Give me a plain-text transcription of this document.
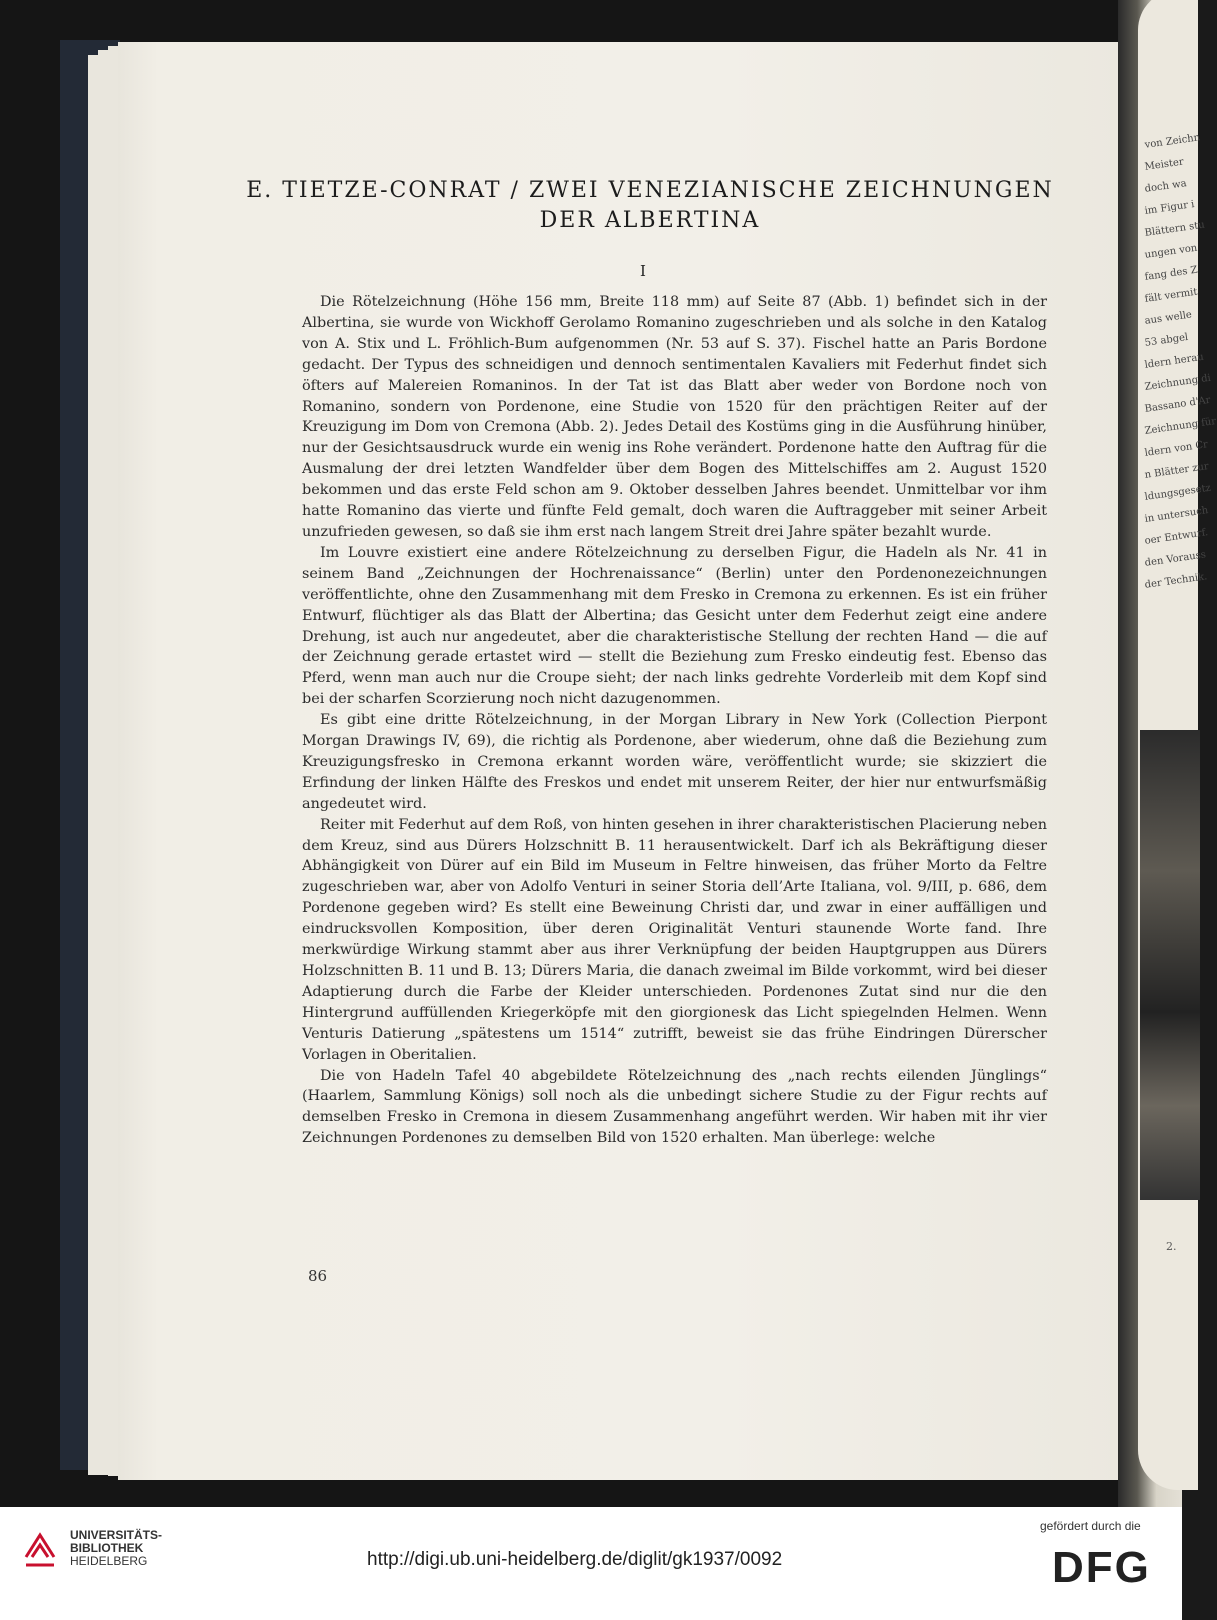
von Zeichn
Meister
doch wa
im Figur i
Blättern stu
ungen von
fang des Z
fält vermit
aus welle
53 abgel
ldern herau
Zeichnung di
Bassano d'Ar
Zeichnung für
ldern von Cr
n Blätter zur
ldungsgesetz
in untersuch
oer Entwurf.
den Vorauss
der Technik.
2.
E. TIETZE-CONRAT / ZWEI VENEZIANISCHE ZEICHNUNGEN
DER ALBERTINA
I

Die Rötelzeichnung (Höhe 156 mm, Breite 118 mm) auf Seite 87 (Abb. 1) befindet sich in der Albertina, sie wurde von Wickhoff Gerolamo Romanino zugeschrieben und als solche in den Katalog von A. Stix und L. Fröhlich-Bum aufgenommen (Nr. 53 auf S. 37). Fischel hatte an Paris Bordone gedacht. Der Typus des schneidigen und dennoch sentimentalen Kavaliers mit Federhut findet sich öfters auf Malereien Romaninos. In der Tat ist das Blatt aber weder von Bordone noch von Romanino, sondern von Pordenone, eine Studie von 1520 für den prächtigen Reiter auf der Kreuzigung im Dom von Cremona (Abb. 2). Jedes Detail des Kostüms ging in die Ausführung hinüber, nur der Gesichtsausdruck wurde ein wenig ins Rohe verändert. Pordenone hatte den Auftrag für die Ausmalung der drei letzten Wandfelder über dem Bogen des Mittelschiffes am 2. August 1520 bekommen und das erste Feld schon am 9. Oktober desselben Jahres beendet. Unmittelbar vor ihm hatte Romanino das vierte und fünfte Feld gemalt, doch waren die Auftraggeber mit seiner Arbeit unzufrieden gewesen, so daß sie ihm erst nach langem Streit drei Jahre später bezahlt wurde.

Im Louvre existiert eine andere Rötelzeichnung zu derselben Figur, die Hadeln als Nr. 41 in seinem Band „Zeichnungen der Hochrenaissance“ (Berlin) unter den Pordenonezeichnungen veröffentlichte, ohne den Zusammenhang mit dem Fresko in Cremona zu erkennen. Es ist ein früher Entwurf, flüchtiger als das Blatt der Albertina; das Gesicht unter dem Federhut zeigt eine andere Drehung, ist auch nur angedeutet, aber die charakteristische Stellung der rechten Hand — die auf der Zeichnung gerade ertastet wird — stellt die Beziehung zum Fresko eindeutig fest. Ebenso das Pferd, wenn man auch nur die Croupe sieht; der nach links gedrehte Vorderleib mit dem Kopf sind bei der scharfen Scorzierung noch nicht dazugenommen.

Es gibt eine dritte Rötelzeichnung, in der Morgan Library in New York (Collection Pierpont Morgan Drawings IV, 69), die richtig als Pordenone, aber wiederum, ohne daß die Beziehung zum Kreuzigungsfresko in Cremona erkannt worden wäre, veröffentlicht wurde; sie skizziert die Erfindung der linken Hälfte des Freskos und endet mit unserem Reiter, der hier nur entwurfsmäßig angedeutet wird.

Reiter mit Federhut auf dem Roß, von hinten gesehen in ihrer charakteristischen Placierung neben dem Kreuz, sind aus Dürers Holzschnitt B. 11 herausentwickelt. Darf ich als Bekräftigung dieser Abhängigkeit von Dürer auf ein Bild im Museum in Feltre hinweisen, das früher Morto da Feltre zugeschrieben war, aber von Adolfo Venturi in seiner Storia dell’Arte Italiana, vol. 9/III, p. 686, dem Pordenone gegeben wird? Es stellt eine Beweinung Christi dar, und zwar in einer auffälligen und eindrucksvollen Komposition, über deren Originalität Venturi staunende Worte fand. Ihre merkwürdige Wirkung stammt aber aus ihrer Verknüpfung der beiden Hauptgruppen aus Dürers Holzschnitten B. 11 und B. 13; Dürers Maria, die danach zweimal im Bilde vorkommt, wird bei dieser Adaptierung durch die Farbe der Kleider unterschieden. Pordenones Zutat sind nur die den Hintergrund auffüllenden Kriegerköpfe mit den giorgionesk das Licht spiegelnden Helmen. Wenn Venturis Datierung „spätestens um 1514“ zutrifft, beweist sie das frühe Eindringen Dürerscher Vorlagen in Oberitalien.

Die von Hadeln Tafel 40 abgebildete Rötelzeichnung des „nach rechts eilenden Jünglings“ (Haarlem, Sammlung Königs) soll noch als die unbedingt sichere Studie zu der Figur rechts auf demselben Fresko in Cremona in diesem Zusammenhang angeführt werden. Wir haben mit ihr vier Zeichnungen Pordenones zu demselben Bild von 1520 erhalten. Man überlege: welche

86
UNIVERSITÄTS-
BIBLIOTHEK
HEIDELBERG	http://digi.ub.uni-heidelberg.de/diglit/gk1937/0092
gefördert durch die
DFG
